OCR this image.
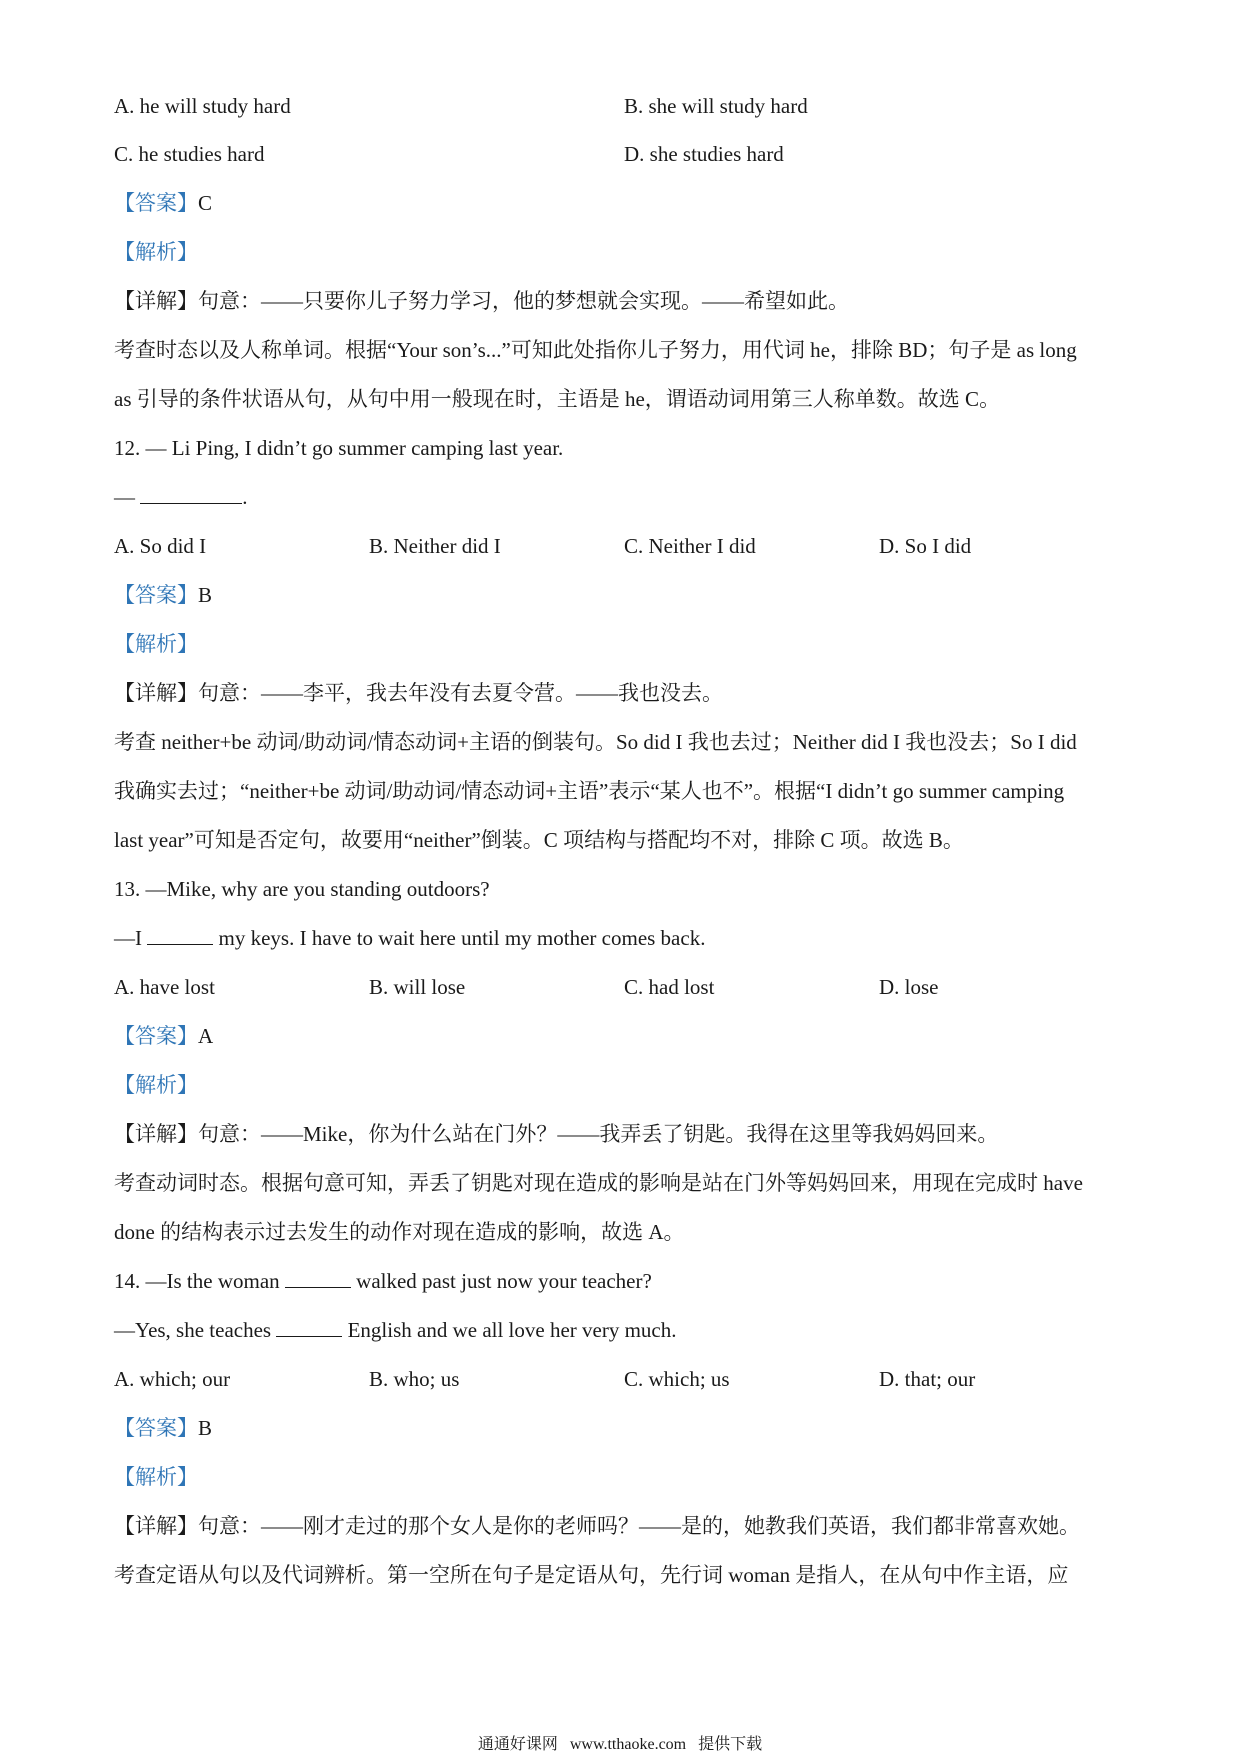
A. he will study hard	B. she will study hard
C. he studies hard	D. she studies hard
【答案】C
【解析】
【详解】句意：——只要你儿子努力学习，他的梦想就会实现。——希望如此。
考查时态以及人称单词。根据“Your son’s...”可知此处指你儿子努力，用代词 he，排除 BD；句子是 as long
as 引导的条件状语从句，从句中用一般现在时，主语是 he，谓语动词用第三人称单数。故选 C。
12. — Li Ping, I didn’t go summer camping last year.
—	.
A. So did I	B. Neither did I	C. Neither I did	D. So I did
【答案】B
【解析】
【详解】句意：——李平，我去年没有去夏令营。——我也没去。
考查 neither+be 动词/助动词/情态动词+主语的倒装句。So did I 我也去过；Neither did I 我也没去；So I did
我确实去过；“neither+be 动词/助动词/情态动词+主语”表示“某人也不”。根据“I didn’t go summer camping
last year”可知是否定句，故要用“neither”倒装。C 项结构与搭配均不对，排除 C 项。故选 B。
13. —Mike, why are you standing outdoors?
—I	my keys. I have to wait here until my mother comes back.
A. have lost	B. will lose	C. had lost	D. lose
【答案】A
【解析】
【详解】句意：——Mike，你为什么站在门外？——我弄丢了钥匙。我得在这里等我妈妈回来。
考查动词时态。根据句意可知，弄丢了钥匙对现在造成的影响是站在门外等妈妈回来，用现在完成时 have
done 的结构表示过去发生的动作对现在造成的影响，故选 A。
14. —Is the woman	walked past just now your teacher?
—Yes, she teaches	English and we all love her very much.
A. which; our	B. who; us	C. which; us	D. that; our
【答案】B
【解析】
【详解】句意：——刚才走过的那个女人是你的老师吗？——是的，她教我们英语，我们都非常喜欢她。
考查定语从句以及代词辨析。第一空所在句子是定语从句，先行词 woman 是指人，在从句中作主语，应
通通好课网 www.tthaoke.com 提供下载
